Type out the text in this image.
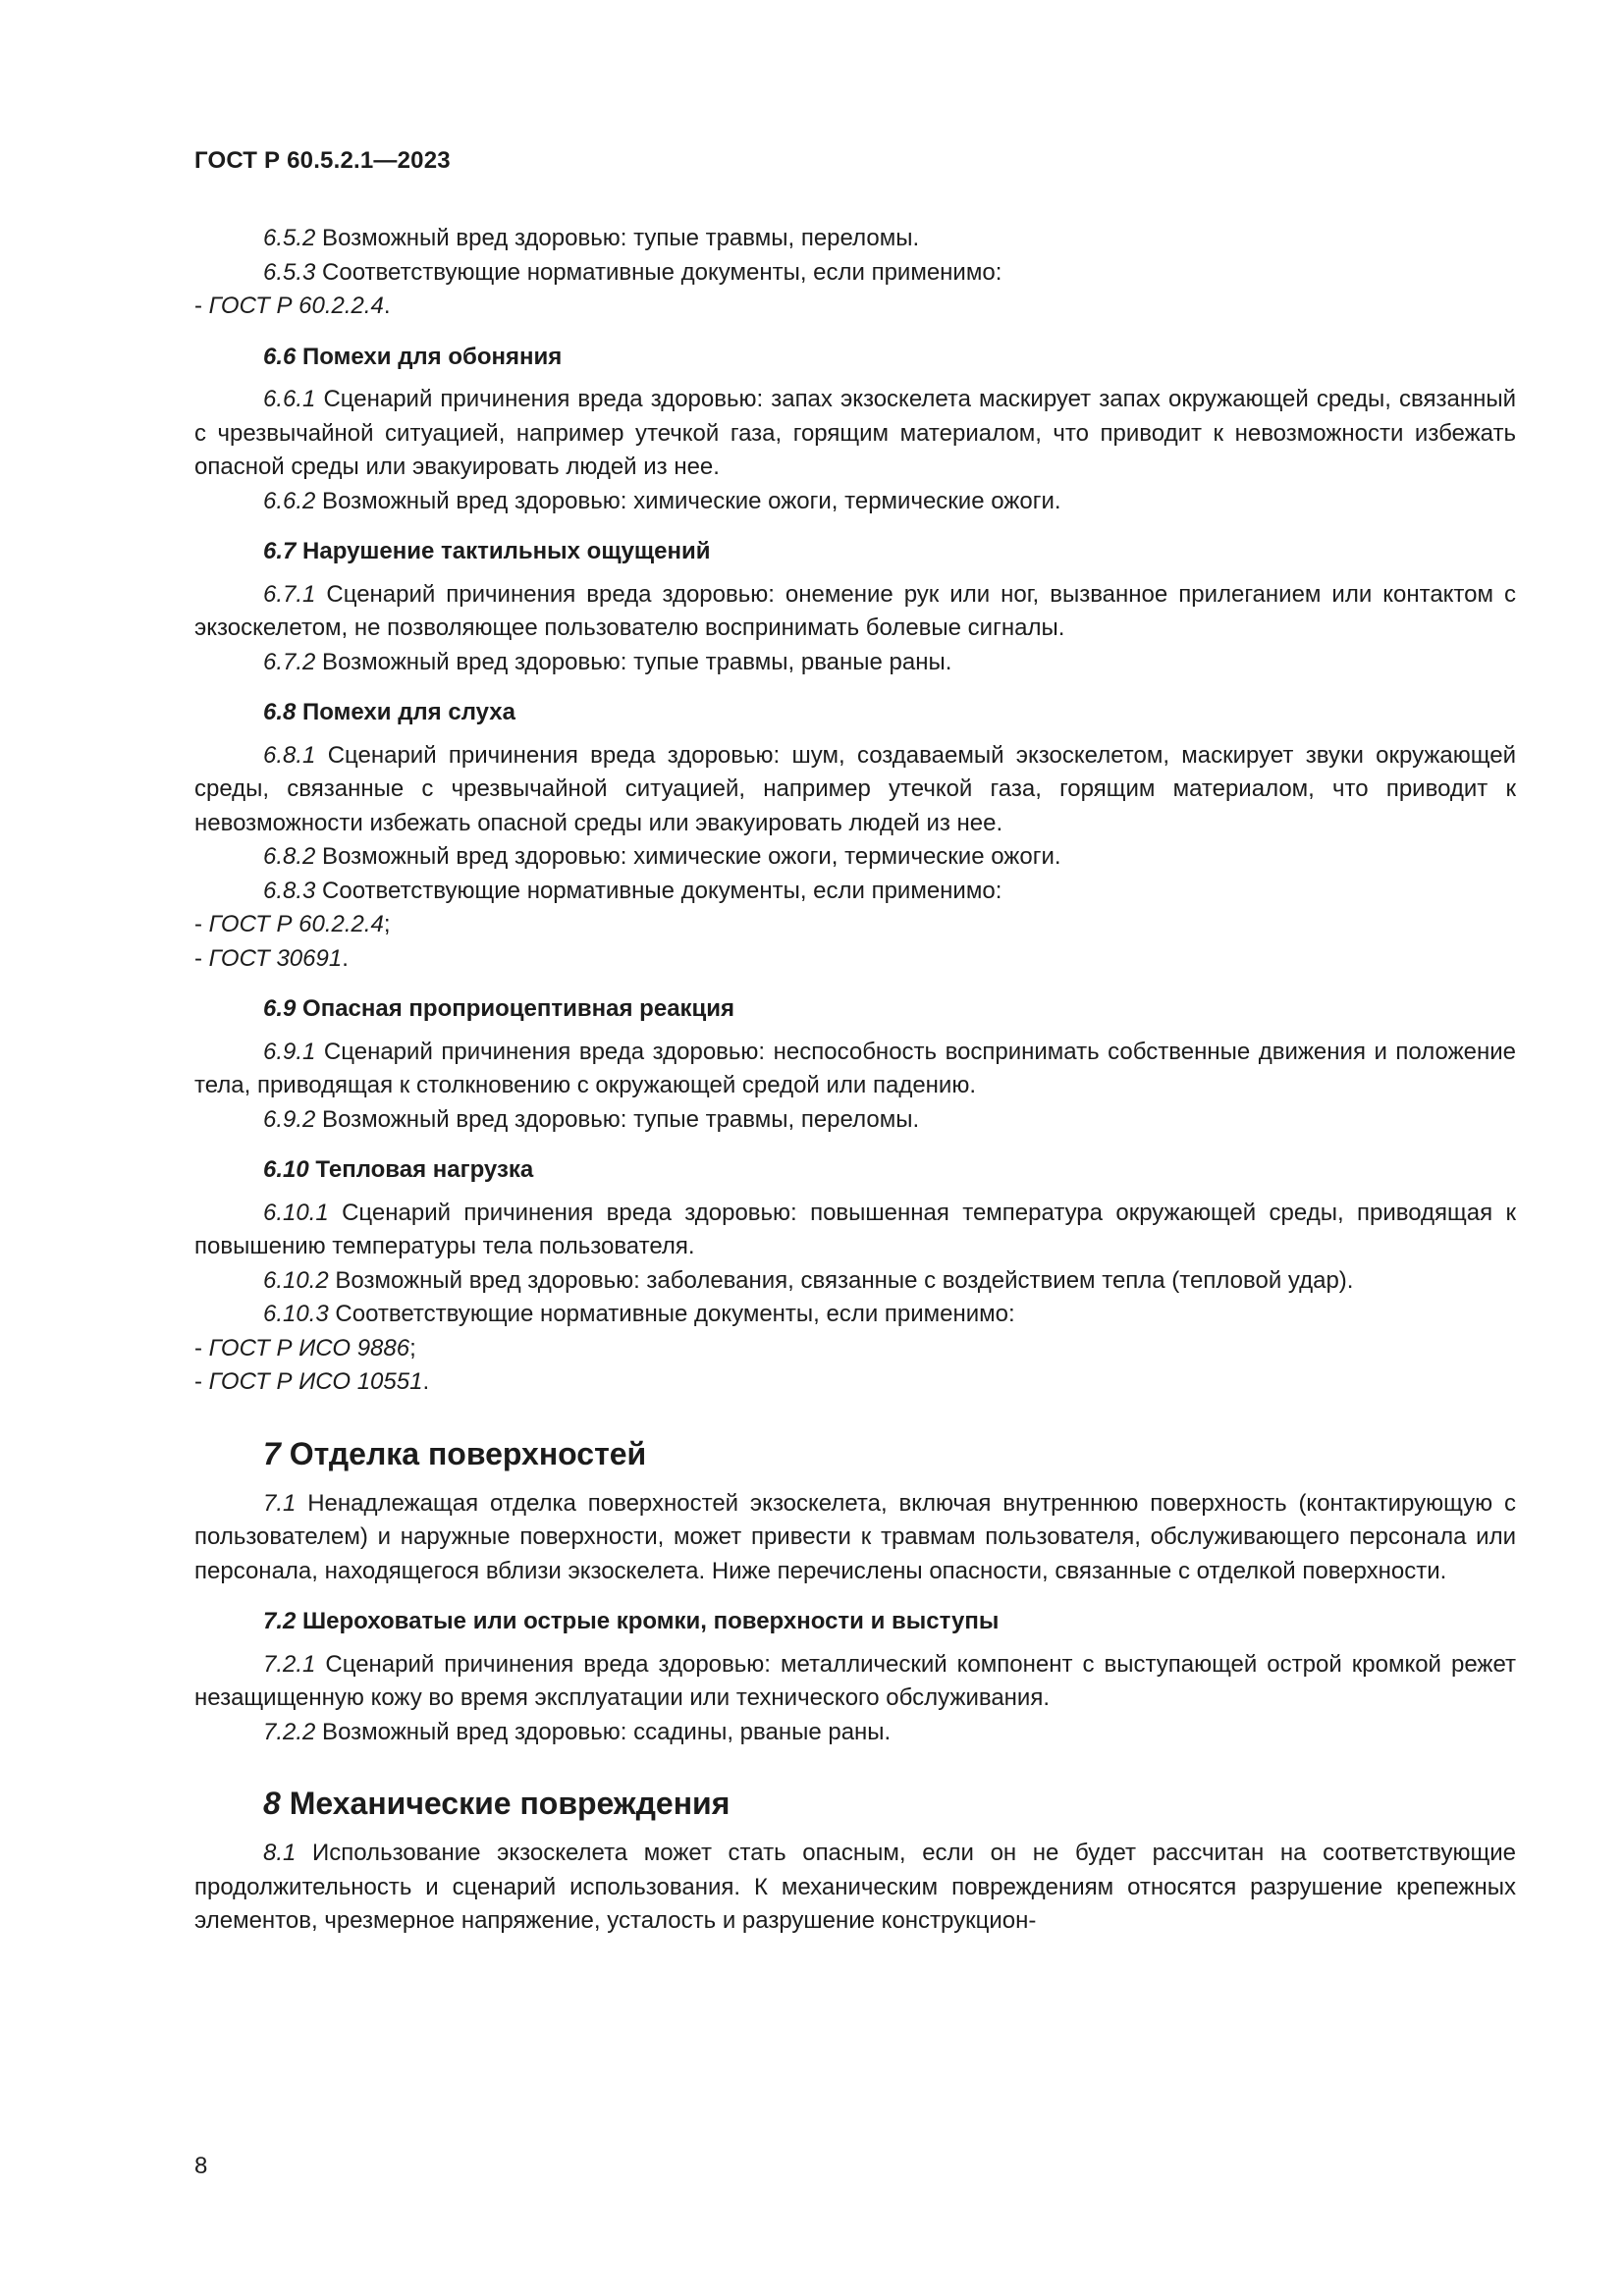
ГОСТ Р 60.5.2.1—2023

6.5.2 Возможный вред здоровью: тупые травмы, переломы.

6.5.3 Соответствующие нормативные документы, если применимо:

- ГОСТ Р 60.2.2.4.

6.6 Помехи для обоняния

6.6.1 Сценарий причинения вреда здоровью: запах экзоскелета маскирует запах окружающей среды, связанный с чрезвычайной ситуацией, например утечкой газа, горящим материалом, что приводит к невозможности избежать опасной среды или эвакуировать людей из нее.

6.6.2 Возможный вред здоровью: химические ожоги, термические ожоги.

6.7 Нарушение тактильных ощущений

6.7.1 Сценарий причинения вреда здоровью: онемение рук или ног, вызванное прилеганием или контактом с экзоскелетом, не позволяющее пользователю воспринимать болевые сигналы.

6.7.2 Возможный вред здоровью: тупые травмы, рваные раны.

6.8 Помехи для слуха

6.8.1 Сценарий причинения вреда здоровью: шум, создаваемый экзоскелетом, маскирует звуки окружающей среды, связанные с чрезвычайной ситуацией, например утечкой газа, горящим материалом, что приводит к невозможности избежать опасной среды или эвакуировать людей из нее.

6.8.2 Возможный вред здоровью: химические ожоги, термические ожоги.

6.8.3 Соответствующие нормативные документы, если применимо:

- ГОСТ Р 60.2.2.4;

- ГОСТ 30691.

6.9 Опасная проприоцептивная реакция

6.9.1 Сценарий причинения вреда здоровью: неспособность воспринимать собственные движения и положение тела, приводящая к столкновению с окружающей средой или падению.

6.9.2 Возможный вред здоровью: тупые травмы, переломы.

6.10 Тепловая нагрузка

6.10.1 Сценарий причинения вреда здоровью: повышенная температура окружающей среды, приводящая к повышению температуры тела пользователя.

6.10.2 Возможный вред здоровью: заболевания, связанные с воздействием тепла (тепловой удар).

6.10.3 Соответствующие нормативные документы, если применимо:

- ГОСТ Р ИСО 9886;

- ГОСТ Р ИСО 10551.

7 Отделка поверхностей

7.1 Ненадлежащая отделка поверхностей экзоскелета, включая внутреннюю поверхность (контактирующую с пользователем) и наружные поверхности, может привести к травмам пользователя, обслуживающего персонала или персонала, находящегося вблизи экзоскелета. Ниже перечислены опасности, связанные с отделкой поверхности.

7.2 Шероховатые или острые кромки, поверхности и выступы

7.2.1 Сценарий причинения вреда здоровью: металлический компонент с выступающей острой кромкой режет незащищенную кожу во время эксплуатации или технического обслуживания.

7.2.2 Возможный вред здоровью: ссадины, рваные раны.

8 Механические повреждения

8.1 Использование экзоскелета может стать опасным, если он не будет рассчитан на соответствующие продолжительность и сценарий использования. К механическим повреждениям относятся разрушение крепежных элементов, чрезмерное напряжение, усталость и разрушение конструкцион-

8
